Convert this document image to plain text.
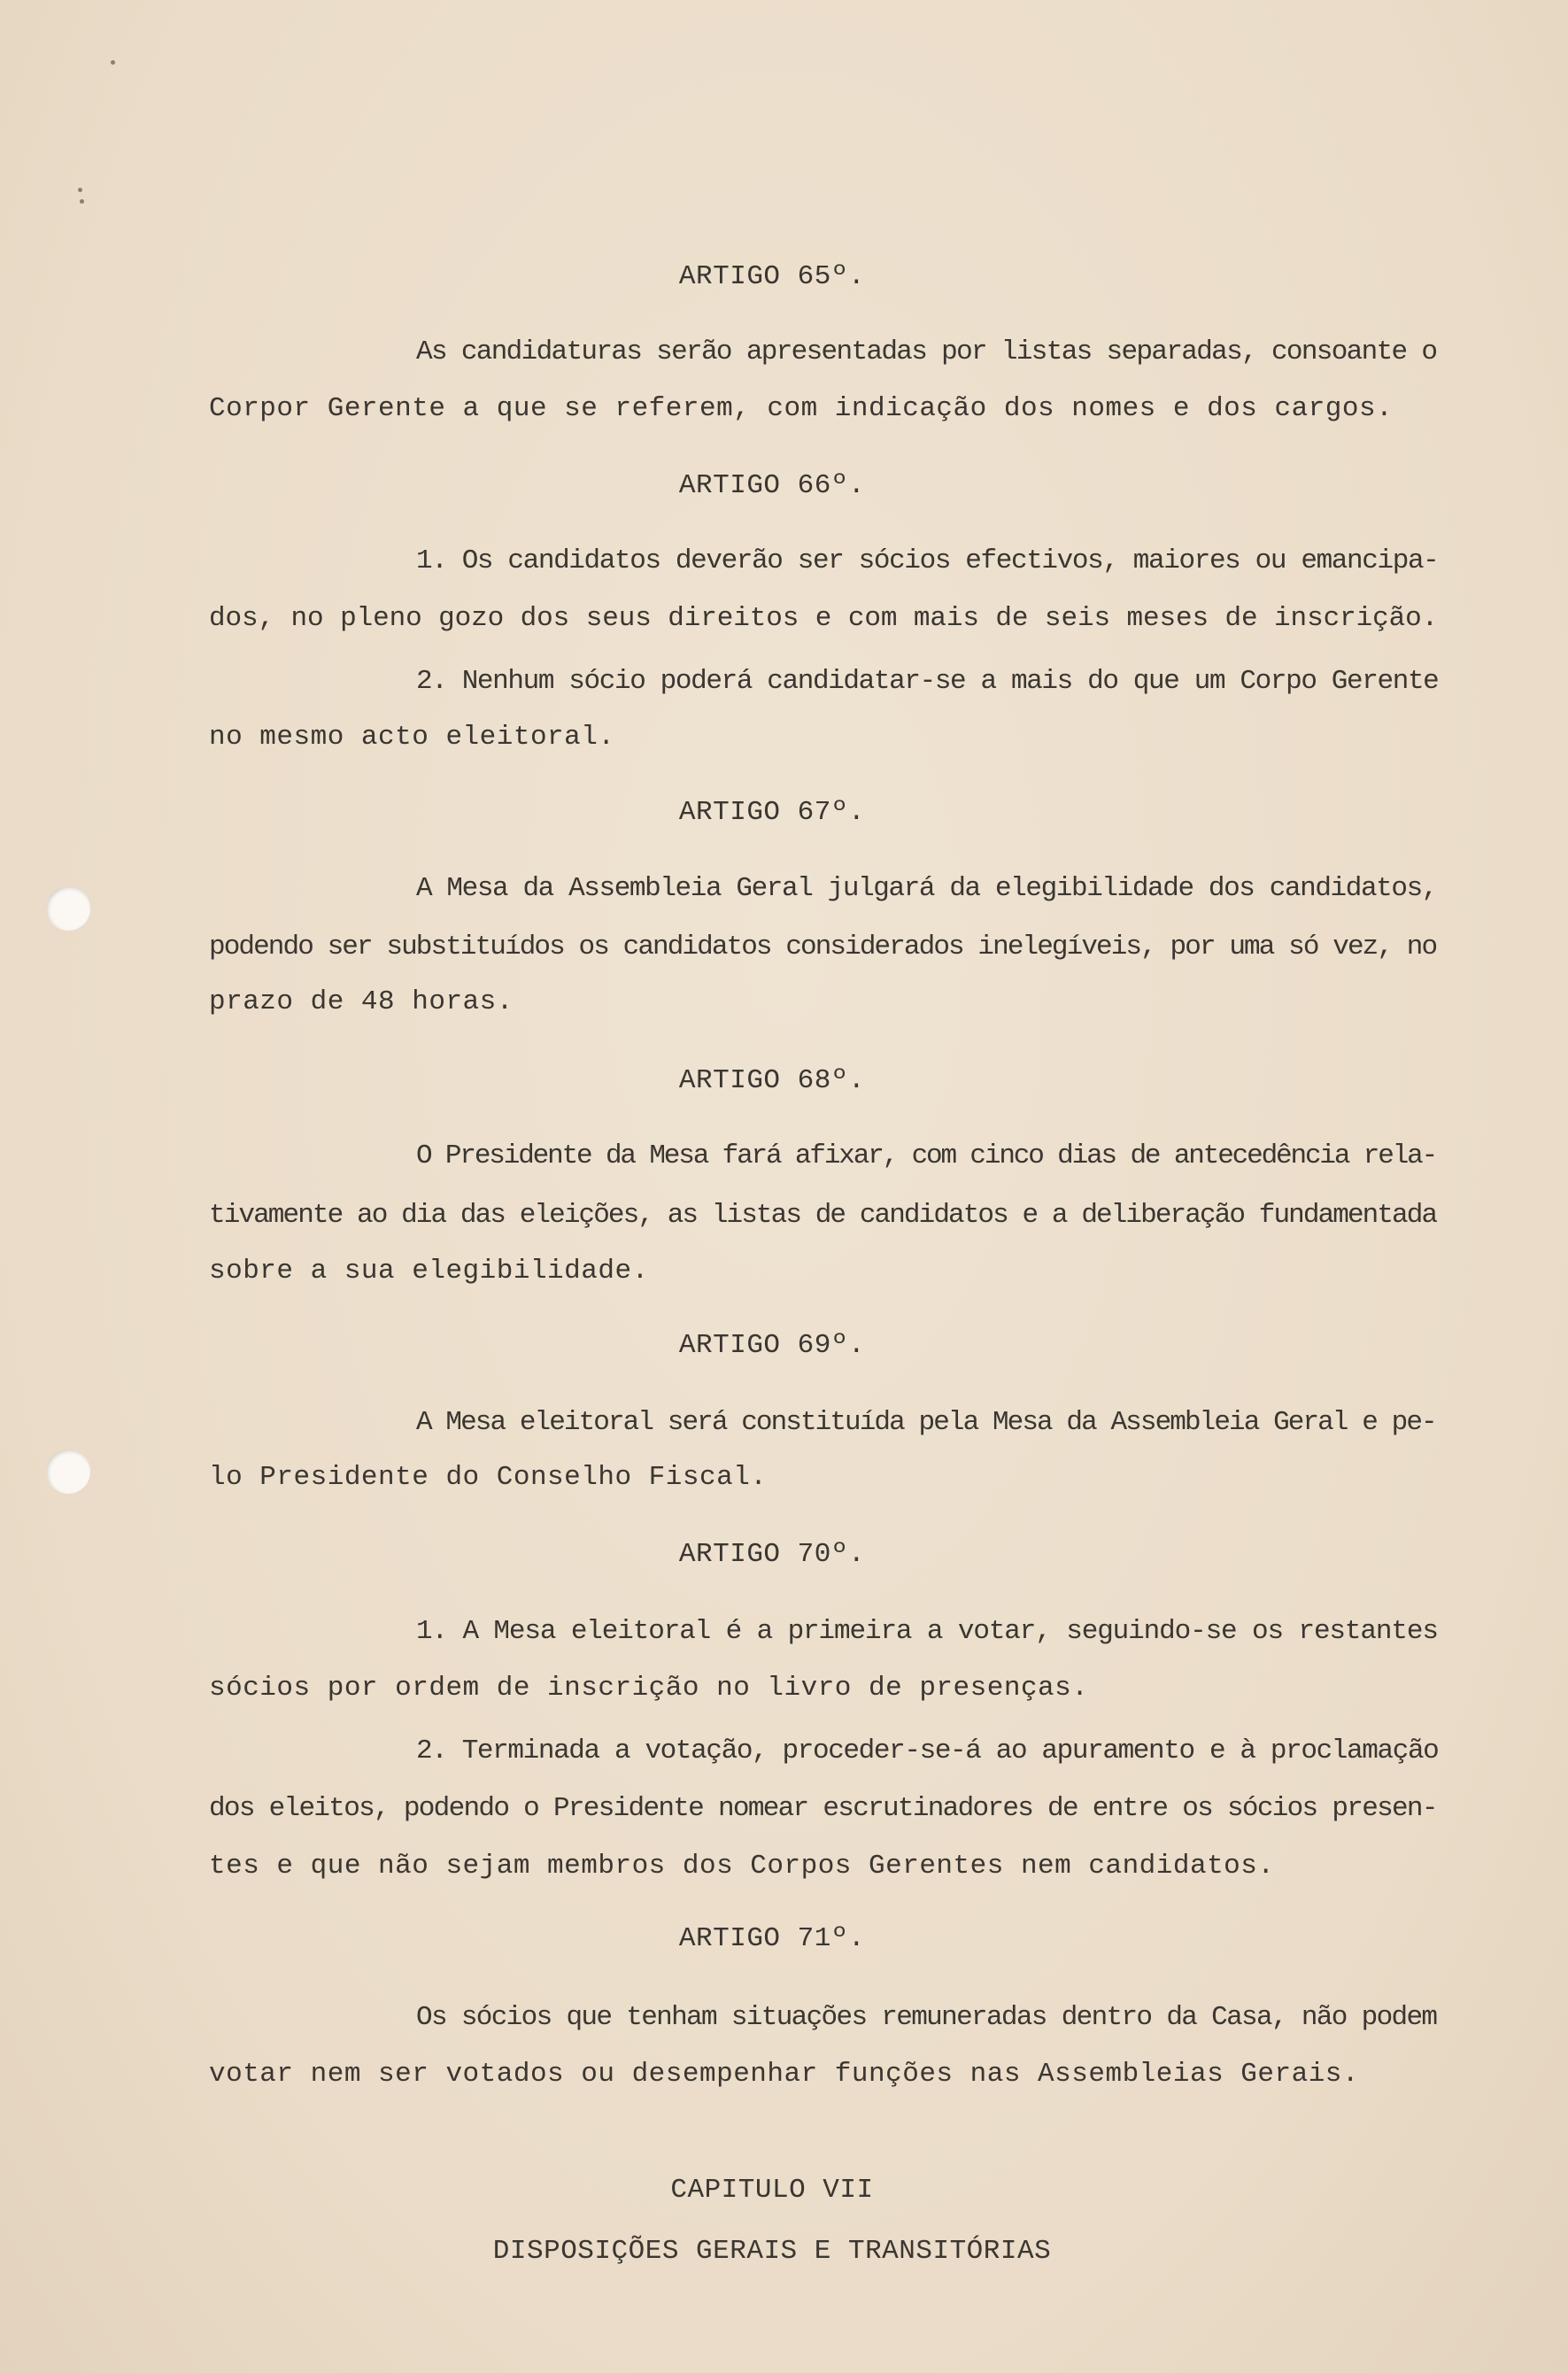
ARTIGO 65º.
As candidaturas serão apresentadas por listas separadas, consoante o
Corpor Gerente a que se referem, com indicação dos nomes e dos cargos.
ARTIGO 66º.
1. Os candidatos deverão ser sócios efectivos, maiores ou emancipa-
dos, no pleno gozo dos seus direitos e com mais de seis meses de inscrição.
2. Nenhum sócio poderá candidatar-se a mais do que um Corpo Gerente
no mesmo acto eleitoral.
ARTIGO 67º.
A Mesa da Assembleia Geral julgará da elegibilidade dos candidatos,
podendo ser substituídos os candidatos considerados inelegíveis, por uma só vez, no
prazo de 48 horas.
ARTIGO 68º.
O Presidente da Mesa fará afixar, com cinco dias de antecedência rela-
tivamente ao dia das eleições, as listas de candidatos e a deliberação fundamentada
sobre a sua elegibilidade.
ARTIGO 69º.
A Mesa eleitoral será constituída pela Mesa da Assembleia Geral e pe-
lo Presidente do Conselho Fiscal.
ARTIGO 70º.
1. A Mesa eleitoral é a primeira a votar, seguindo-se os restantes
sócios por ordem de inscrição no livro de presenças.
2. Terminada a votação, proceder-se-á ao apuramento e à proclamação
dos eleitos, podendo o Presidente nomear escrutinadores de entre os sócios presen-
tes e que não sejam membros dos Corpos Gerentes nem candidatos.
ARTIGO 71º.
Os sócios que tenham situações remuneradas dentro da Casa, não podem
votar nem ser votados ou desempenhar funções nas Assembleias Gerais.
CAPITULO VII
DISPOSIÇÕES GERAIS E TRANSITÓRIAS
